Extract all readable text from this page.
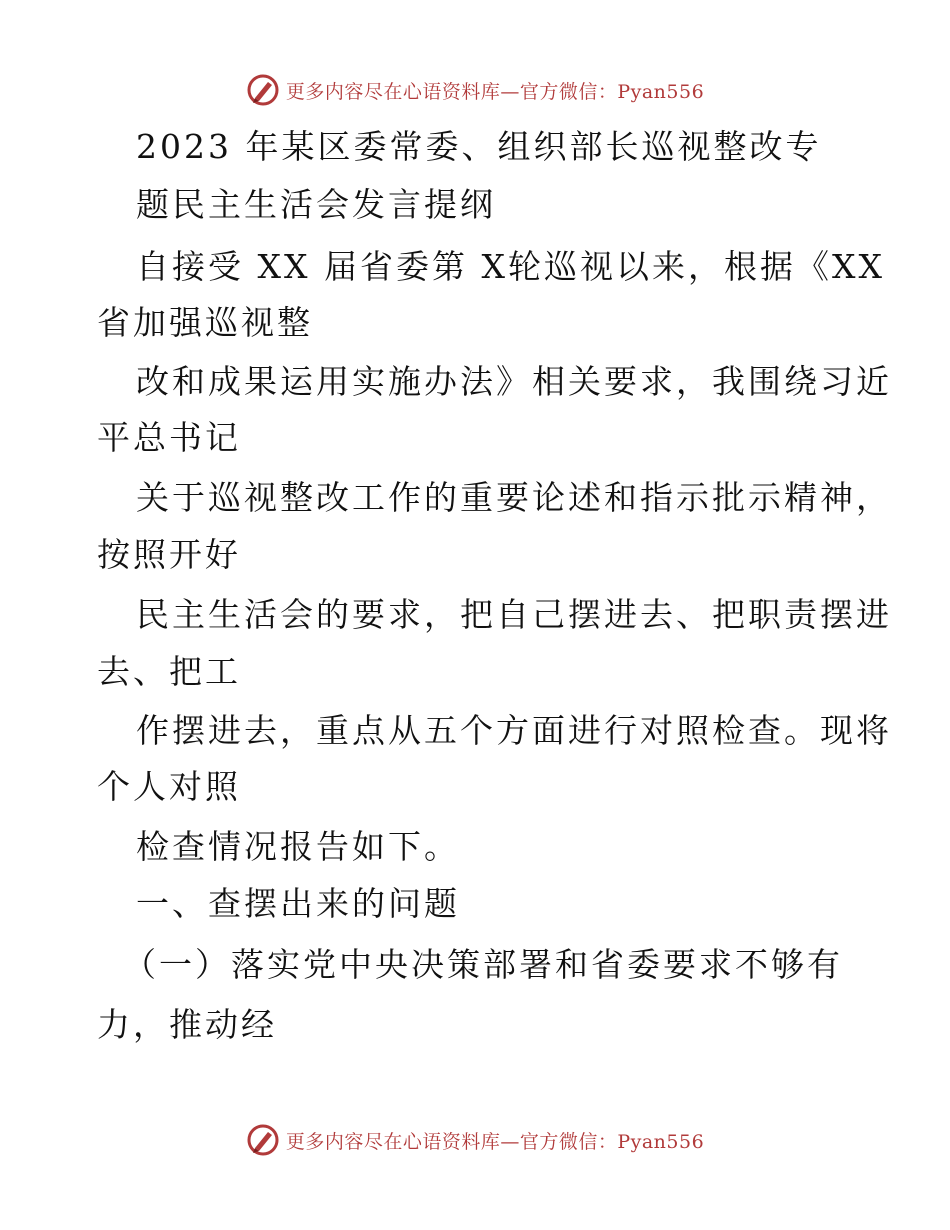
更多内容尽在心语资料库—官方微信：Pyan556
2023 年某区委常委、组织部长巡视整改专
题民主生活会发言提纲
自接受 XX 届省委第 X轮巡视以来，根据《XX
省加强巡视整
改和成果运用实施办法》相关要求，我围绕习近
平总书记
关于巡视整改工作的重要论述和指示批示精神，
按照开好
民主生活会的要求，把自己摆进去、把职责摆进
去、把工
作摆进去，重点从五个方面进行对照检查。现将
个人对照
检查情况报告如下。
一、查摆出来的问题
（一）落实党中央决策部署和省委要求不够有
力，推动经
更多内容尽在心语资料库—官方微信：Pyan556
